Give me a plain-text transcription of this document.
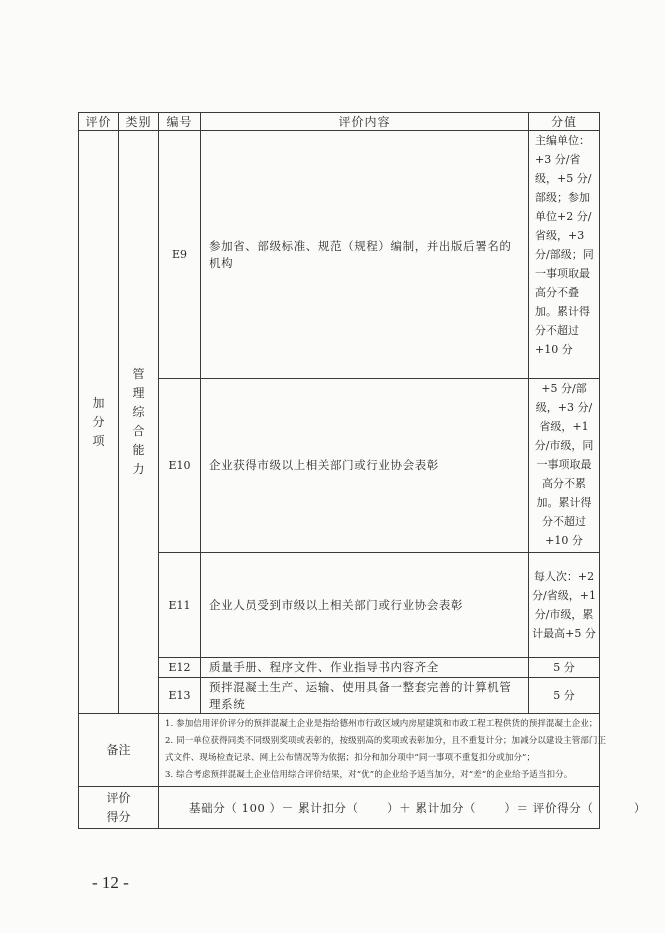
评价	类别	编号	评价内容	分值

加分项	管理综合能力	E9	参加省、部级标准、规范（规程）编制，并出版后署名的机构	主编单位：+3 分/省级，+5 分/部级；参加单位+2 分/省级，+3 分/部级；同一事项取最高分不叠加。累计得分不超过+10 分
		E10	企业获得市级以上相关部门或行业协会表彰	+5 分/部级，+3 分/省级，+1 分/市级，同一事项取最高分不累加。累计得分不超过+10 分
		E11	企业人员受到市级以上相关部门或行业协会表彰	每人次：+2 分/省级，+1 分/市级，累计最高+5 分
		E12	质量手册、程序文件、作业指导书内容齐全	5 分
		E13	预拌混凝土生产、运输、使用具备一整套完善的计算机管理系统	5 分
备注		1. 参加信用评价评分的预拌混凝土企业是指给德州市行政区域内房屋建筑和市政工程工程供货的预拌混凝土企业；
2. 同一单位获得同类不同级别奖项或表彰的，按级别高的奖项或表彰加分，且不重复计分；加减分以建设主管部门正
式文件、现场检查记录、网上公布情况等为依据；扣分和加分项中“同一事项不重复扣分或加分”；
3. 综合考虑预拌混凝土企业信用综合评价结果，对“优”的企业给予适当加分，对“差”的企业给予适当扣分。		

评价得分		基础分（ 100 ）－ 累计扣分（　　 ）＋ 累计加分（　　 ）＝ 评价得分（　　　 ）		
- 12 -
